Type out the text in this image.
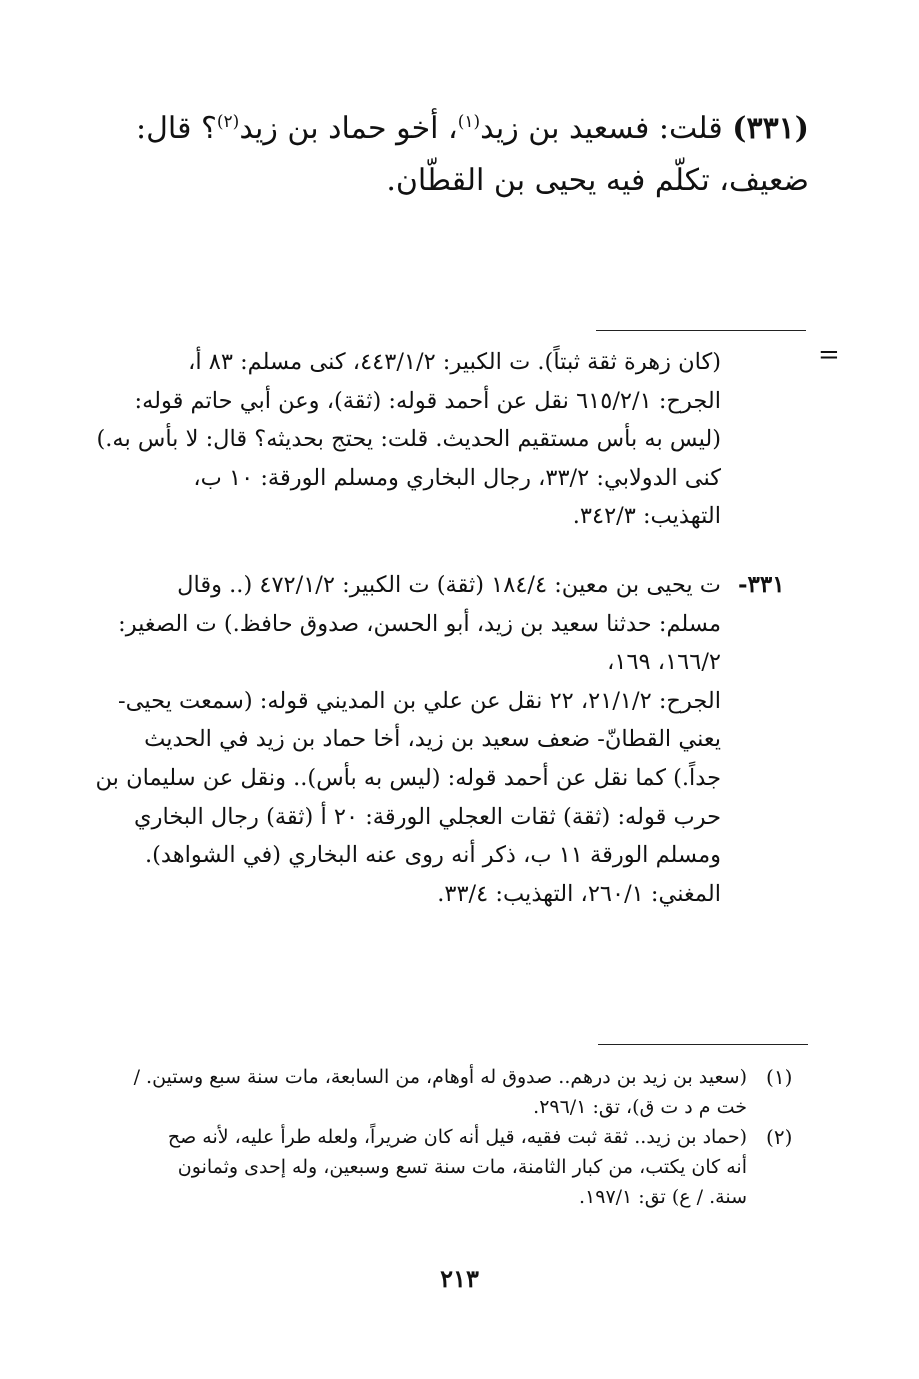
(٣٣١) قلت: فسعيد بن زيد$^{(١)}$، أخو حماد بن زيد$^{(٢)}$؟ قال:
ضعيف، تكلّم فيه يحيى بن القطّان.
=
(كان زهرة ثقة ثبتاً). ت الكبير: ٤٤٣/١/٢، كنى مسلم: ٨٣ أ،
الجرح: ٦١٥/٢/١ نقل عن أحمد قوله: (ثقة)، وعن أبي حاتم قوله:
(ليس به بأس مستقيم الحديث. قلت: يحتج بحديثه؟ قال: لا بأس به.)
كنى الدولابي: ٣٣/٢، رجال البخاري ومسلم الورقة: ١٠ ب،
التهذيب: ٣٤٢/٣.
٣٣١-
ت يحيى بن معين: ١٨٤/٤ (ثقة) ت الكبير: ٤٧٢/١/٢ (.. وقال
مسلم: حدثنا سعيد بن زيد، أبو الحسن، صدوق حافظ.) ت الصغير:
١٦٦/٢، ١٦٩،
الجرح: ٢١/١/٢، ٢٢ نقل عن علي بن المديني قوله: (سمعت يحيى-
يعني القطانّ- ضعف سعيد بن زيد، أخا حماد بن زيد في الحديث
جداً.) كما نقل عن أحمد قوله: (ليس به بأس).. ونقل عن سليمان بن
حرب قوله: (ثقة) ثقات العجلي الورقة: ٢٠ أ (ثقة) رجال البخاري
ومسلم الورقة ١١ ب، ذكر أنه روى عنه البخاري (في الشواهد).
المغني: ٢٦٠/١، التهذيب: ٣٣/٤.
(١)
(سعيد بن زيد بن درهم.. صدوق له أوهام، من السابعة، مات سنة سبع وستين. /
خت م د ت ق)، تق: ٢٩٦/١.
(٢)
(حماد بن زيد.. ثقة ثبت فقيه، قيل أنه كان ضريراً، ولعله طرأ عليه، لأنه صح
أنه كان يكتب، من كبار الثامنة، مات سنة تسع وسبعين، وله إحدى وثمانون
سنة. / ع) تق: ١٩٧/١.
٢١٣
